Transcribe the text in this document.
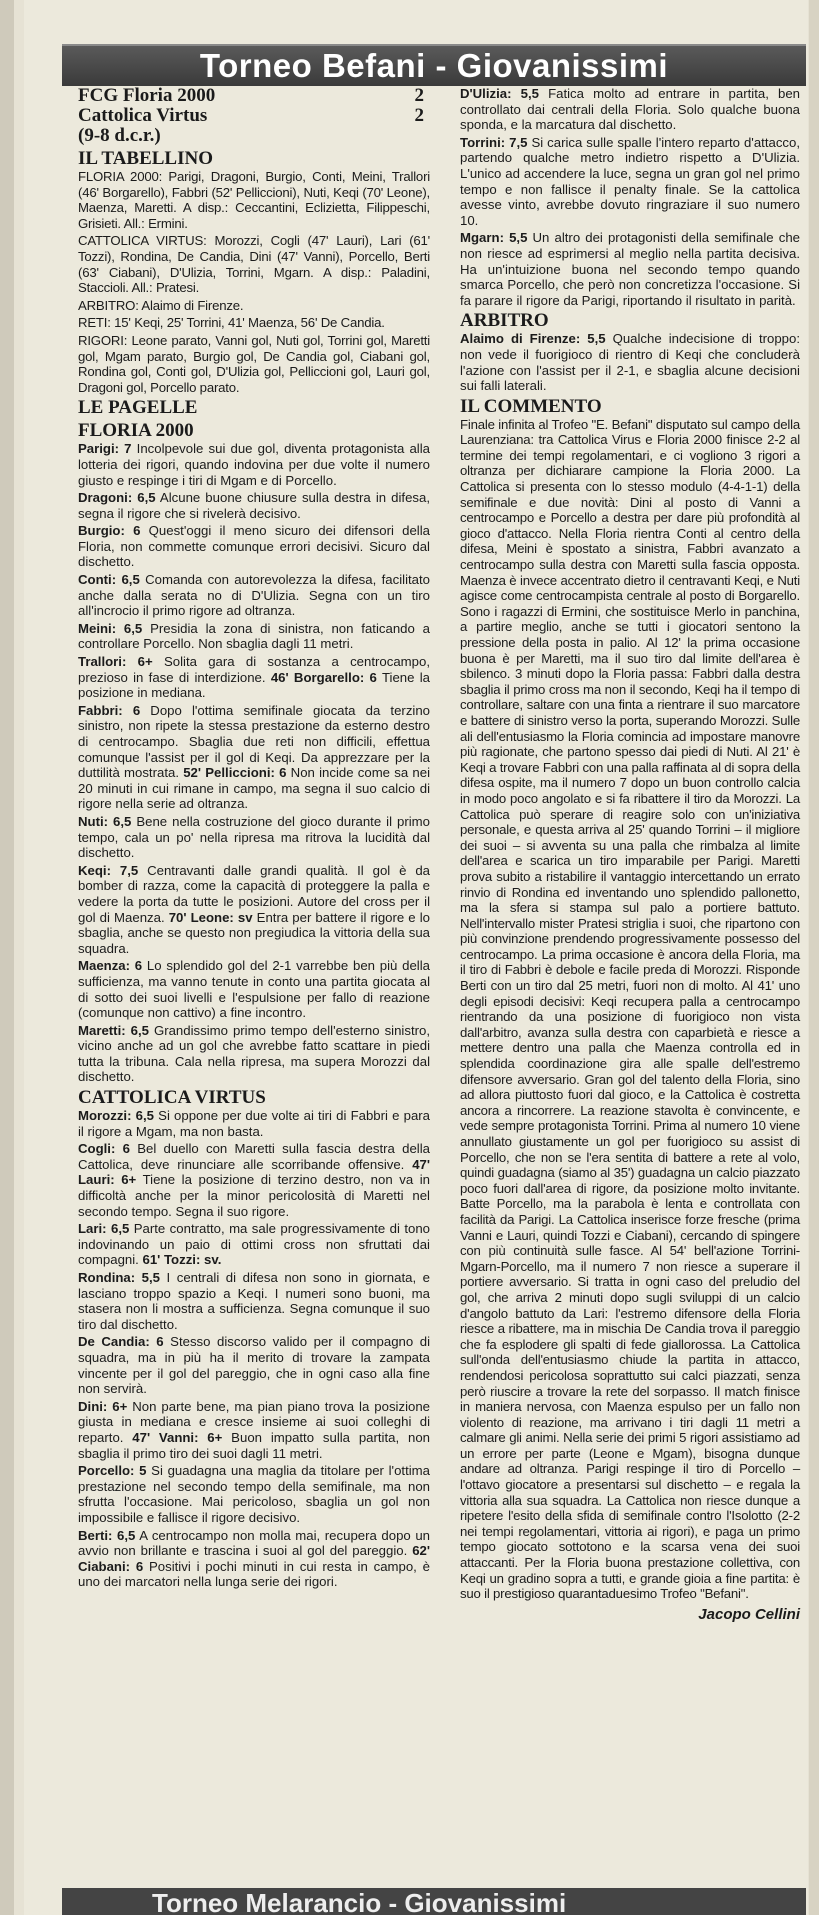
Torneo Befani - Giovanissimi
FCG Floria 2000	2
Cattolica Virtus	2
(9-8 d.c.r.)
IL TABELLINO

FLORIA 2000: Parigi, Dragoni, Burgio, Conti, Meini, Trallori (46' Borgarello), Fabbri (52' Pelliccioni), Nuti, Keqi (70' Leone), Maenza, Maretti. A disp.: Ceccantini, Eclizietta, Filippeschi, Grisieti. All.: Ermini.

CATTOLICA VIRTUS: Morozzi, Cogli (47' Lauri), Lari (61' Tozzi), Rondina, De Candia, Dini (47' Vanni), Porcello, Berti (63' Ciabani), D'Ulizia, Torrini, Mgarn. A disp.: Paladini, Staccioli. All.: Pratesi.

ARBITRO: Alaimo di Firenze.

RETI: 15' Keqi, 25' Torrini, 41' Maenza, 56' De Candia.

RIGORI: Leone parato, Vanni gol, Nuti gol, Torrini gol, Maretti gol, Mgam parato, Burgio gol, De Candia gol, Ciabani gol, Rondina gol, Conti gol, D'Ulizia gol, Pelliccioni gol, Lauri gol, Dragoni gol, Porcello parato.

LE PAGELLE
FLORIA 2000

Parigi: 7 Incolpevole sui due gol, diventa protagonista alla lotteria dei rigori, quando indovina per due volte il numero giusto e respinge i tiri di Mgam e di Porcello.

Dragoni: 6,5 Alcune buone chiusure sulla destra in difesa, segna il rigore che si rivelerà decisivo.

Burgio: 6 Quest'oggi il meno sicuro dei difensori della Floria, non commette comunque errori decisivi. Sicuro dal dischetto.

Conti: 6,5 Comanda con autorevolezza la difesa, facilitato anche dalla serata no di D'Ulizia. Segna con un tiro all'incrocio il primo rigore ad oltranza.

Meini: 6,5 Presidia la zona di sinistra, non faticando a controllare Porcello. Non sbaglia dagli 11 metri.

Trallori: 6+ Solita gara di sostanza a centrocampo, prezioso in fase di interdizione. 46' Borgarello: 6 Tiene la posizione in mediana.

Fabbri: 6 Dopo l'ottima semifinale giocata da terzino sinistro, non ripete la stessa prestazione da esterno destro di centrocampo. Sbaglia due reti non difficili, effettua comunque l'assist per il gol di Keqi. Da apprezzare per la duttilità mostrata. 52' Pelliccioni: 6 Non incide come sa nei 20 minuti in cui rimane in campo, ma segna il suo calcio di rigore nella serie ad oltranza.

Nuti: 6,5 Bene nella costruzione del gioco durante il primo tempo, cala un po' nella ripresa ma ritrova la lucidità dal dischetto.

Keqi: 7,5 Centravanti dalle grandi qualità. Il gol è da bomber di razza, come la capacità di proteggere la palla e vedere la porta da tutte le posizioni. Autore del cross per il gol di Maenza. 70' Leone: sv Entra per battere il rigore e lo sbaglia, anche se questo non pregiudica la vittoria della sua squadra.

Maenza: 6 Lo splendido gol del 2-1 varrebbe ben più della sufficienza, ma vanno tenute in conto una partita giocata al di sotto dei suoi livelli e l'espulsione per fallo di reazione (comunque non cattivo) a fine incontro.

Maretti: 6,5 Grandissimo primo tempo dell'esterno sinistro, vicino anche ad un gol che avrebbe fatto scattare in piedi tutta la tribuna. Cala nella ripresa, ma supera Morozzi dal dischetto.

CATTOLICA VIRTUS

Morozzi: 6,5 Si oppone per due volte ai tiri di Fabbri e para il rigore a Mgam, ma non basta.

Cogli: 6 Bel duello con Maretti sulla fascia destra della Cattolica, deve rinunciare alle scorribande offensive. 47' Lauri: 6+ Tiene la posizione di terzino destro, non va in difficoltà anche per la minor pericolosità di Maretti nel secondo tempo. Segna il suo rigore.

Lari: 6,5 Parte contratto, ma sale progressivamente di tono indovinando un paio di ottimi cross non sfruttati dai compagni. 61' Tozzi: sv.

Rondina: 5,5 I centrali di difesa non sono in giornata, e lasciano troppo spazio a Keqi. I numeri sono buoni, ma stasera non li mostra a sufficienza. Segna comunque il suo tiro dal dischetto.

De Candia: 6 Stesso discorso valido per il compagno di squadra, ma in più ha il merito di trovare la zampata vincente per il gol del pareggio, che in ogni caso alla fine non servirà.

Dini: 6+ Non parte bene, ma pian piano trova la posizione giusta in mediana e cresce insieme ai suoi colleghi di reparto. 47' Vanni: 6+ Buon impatto sulla partita, non sbaglia il primo tiro dei suoi dagli 11 metri.

Porcello: 5 Si guadagna una maglia da titolare per l'ottima prestazione nel secondo tempo della semifinale, ma non sfrutta l'occasione. Mai pericoloso, sbaglia un gol non impossibile e fallisce il rigore decisivo.

Berti: 6,5 A centrocampo non molla mai, recupera dopo un avvio non brillante e trascina i suoi al gol del pareggio. 62' Ciabani: 6 Positivi i pochi minuti in cui resta in campo, è uno dei marcatori nella lunga serie dei rigori.

D'Ulizia: 5,5 Fatica molto ad entrare in partita, ben controllato dai centrali della Floria. Solo qualche buona sponda, e la marcatura dal dischetto.

Torrini: 7,5 Si carica sulle spalle l'intero reparto d'attacco, partendo qualche metro indietro rispetto a D'Ulizia. L'unico ad accendere la luce, segna un gran gol nel primo tempo e non fallisce il penalty finale. Se la cattolica avesse vinto, avrebbe dovuto ringraziare il suo numero 10.

Mgarn: 5,5 Un altro dei protagonisti della semifinale che non riesce ad esprimersi al meglio nella partita decisiva. Ha un'intuizione buona nel secondo tempo quando smarca Porcello, che però non concretizza l'occasione. Si fa parare il rigore da Parigi, riportando il risultato in parità.

ARBITRO

Alaimo di Firenze: 5,5 Qualche indecisione di troppo: non vede il fuorigioco di rientro di Keqi che concluderà l'azione con l'assist per il 2-1, e sbaglia alcune decisioni sui falli laterali.

IL COMMENTO

Finale infinita al Trofeo "E. Befani" disputato sul campo della Laurenziana: tra Cattolica Virus e Floria 2000 finisce 2-2 al termine dei tempi regolamentari, e ci vogliono 3 rigori a oltranza per dichiarare campione la Floria 2000. La Cattolica si presenta con lo stesso modulo (4-4-1-1) della semifinale e due novità: Dini al posto di Vanni a centrocampo e Porcello a destra per dare più profondità al gioco d'attacco. Nella Floria rientra Conti al centro della difesa, Meini è spostato a sinistra, Fabbri avanzato a centrocampo sulla destra con Maretti sulla fascia opposta. Maenza è invece accentrato dietro il centravanti Keqi, e Nuti agisce come centrocampista centrale al posto di Borgarello. Sono i ragazzi di Ermini, che sostituisce Merlo in panchina, a partire meglio, anche se tutti i giocatori sentono la pressione della posta in palio. Al 12' la prima occasione buona è per Maretti, ma il suo tiro dal limite dell'area è sbilenco. 3 minuti dopo la Floria passa: Fabbri dalla destra sbaglia il primo cross ma non il secondo, Keqi ha il tempo di controllare, saltare con una finta a rientrare il suo marcatore e battere di sinistro verso la porta, superando Morozzi. Sulle ali dell'entusiasmo la Floria comincia ad impostare manovre più ragionate, che partono spesso dai piedi di Nuti. Al 21' è Keqi a trovare Fabbri con una palla raffinata al di sopra della difesa ospite, ma il numero 7 dopo un buon controllo calcia in modo poco angolato e si fa ribattere il tiro da Morozzi. La Cattolica può sperare di reagire solo con un'iniziativa personale, e questa arriva al 25' quando Torrini – il migliore dei suoi – si avventa su una palla che rimbalza al limite dell'area e scarica un tiro imparabile per Parigi. Maretti prova subito a ristabilire il vantaggio intercettando un errato rinvio di Rondina ed inventando uno splendido pallonetto, ma la sfera si stampa sul palo a portiere battuto. Nell'intervallo mister Pratesi striglia i suoi, che ripartono con più convinzione prendendo progressivamente possesso del centrocampo. La prima occasione è ancora della Floria, ma il tiro di Fabbri è debole e facile preda di Morozzi. Risponde Berti con un tiro dal 25 metri, fuori non di molto. Al 41' uno degli episodi decisivi: Keqi recupera palla a centrocampo rientrando da una posizione di fuorigioco non vista dall'arbitro, avanza sulla destra con caparbietà e riesce a mettere dentro una palla che Maenza controlla ed in splendida coordinazione gira alle spalle dell'estremo difensore avversario. Gran gol del talento della Floria, sino ad allora piuttosto fuori dal gioco, e la Cattolica è costretta ancora a rincorrere. La reazione stavolta è convincente, e vede sempre protagonista Torrini. Prima al numero 10 viene annullato giustamente un gol per fuorigioco su assist di Porcello, che non se l'era sentita di battere a rete al volo, quindi guadagna (siamo al 35') guadagna un calcio piazzato poco fuori dall'area di rigore, da posizione molto invitante. Batte Porcello, ma la parabola è lenta e controllata con facilità da Parigi. La Cattolica inserisce forze fresche (prima Vanni e Lauri, quindi Tozzi e Ciabani), cercando di spingere con più continuità sulle fasce. Al 54' bell'azione Torrini-Mgarn-Porcello, ma il numero 7 non riesce a superare il portiere avversario. Si tratta in ogni caso del preludio del gol, che arriva 2 minuti dopo sugli sviluppi di un calcio d'angolo battuto da Lari: l'estremo difensore della Floria riesce a ribattere, ma in mischia De Candia trova il pareggio che fa esplodere gli spalti di fede giallorossa. La Cattolica sull'onda dell'entusiasmo chiude la partita in attacco, rendendosi pericolosa soprattutto sui calci piazzati, senza però riuscire a trovare la rete del sorpasso. Il match finisce in maniera nervosa, con Maenza espulso per un fallo non violento di reazione, ma arrivano i tiri dagli 11 metri a calmare gli animi. Nella serie dei primi 5 rigori assistiamo ad un errore per parte (Leone e Mgam), bisogna dunque andare ad oltranza. Parigi respinge il tiro di Porcello – l'ottavo giocatore a presentarsi sul dischetto – e regala la vittoria alla sua squadra. La Cattolica non riesce dunque a ripetere l'esito della sfida di semifinale contro l'Isolotto (2-2 nei tempi regolamentari, vittoria ai rigori), e paga un primo tempo giocato sottotono e la scarsa vena dei suoi attaccanti. Per la Floria buona prestazione collettiva, con Keqi un gradino sopra a tutti, e grande gioia a fine partita: è suo il prestigioso quarantaduesimo Trofeo "Befani".

Jacopo Cellini
Torneo Melarancio - Giovanissimi
